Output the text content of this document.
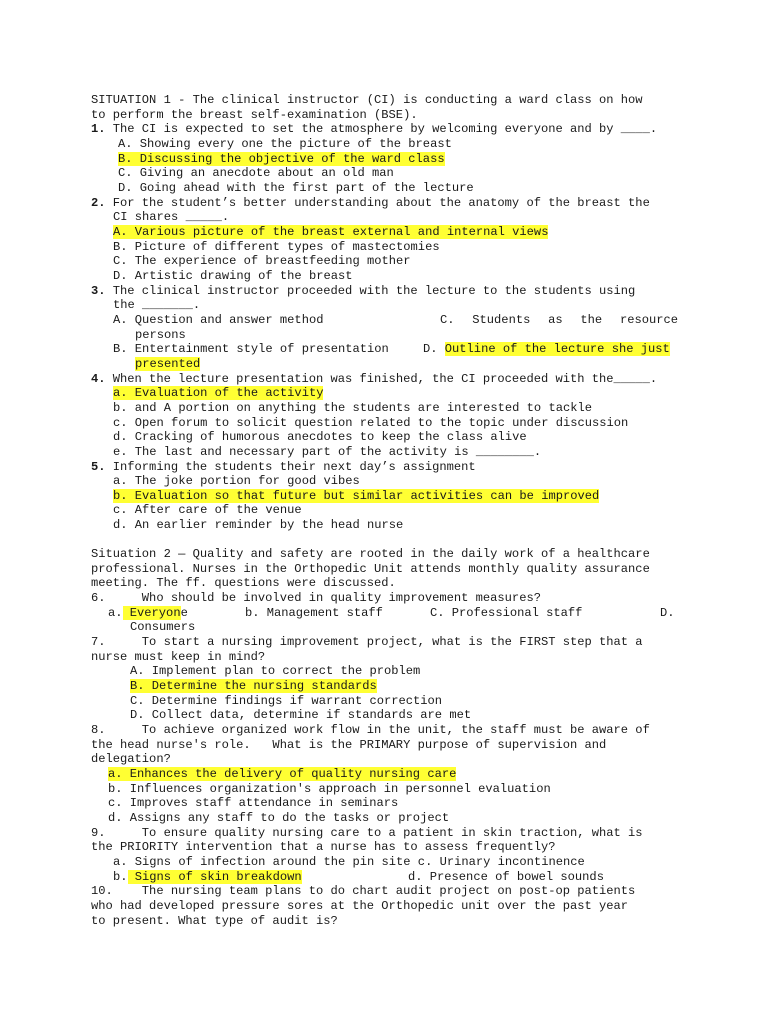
SITUATION 1 - The clinical instructor (CI) is conducting a ward class on how
to perform the breast self-examination (BSE).
1. The CI is expected to set the atmosphere by welcoming everyone and by ____.
A. Showing every one the picture of the breast
B. Discussing the objective of the ward class
C. Giving an anecdote about an old man
D. Going ahead with the first part of the lecture
2. For the student’s better understanding about the anatomy of the breast the
CI shares _____.
A. Various picture of the breast external and internal views
B. Picture of different types of mastectomies
C. The experience of breastfeeding mother
D. Artistic drawing of the breast
3. The clinical instructor proceeded with the lecture to the students using
the _______.
A. Question and answer method	C. Students as the resource
persons
B. Entertainment style of presentation	D. Outline of the lecture she just
presented
4. When the lecture presentation was finished, the CI proceeded with the_____.
a. Evaluation of the activity
b. and A portion on anything the students are interested to tackle
c. Open forum to solicit question related to the topic under discussion
d. Cracking of humorous anecdotes to keep the class alive
e. The last and necessary part of the activity is ________.
5. Informing the students their next day’s assignment
a. The joke portion for good vibes
b. Evaluation so that future but similar activities can be improved
c. After care of the venue
d. An earlier reminder by the head nurse
Situation 2 — Quality and safety are rooted in the daily work of a healthcare
professional. Nurses in the Orthopedic Unit attends monthly quality assurance
meeting. The ff. questions were discussed.
6.     Who should be involved in quality improvement measures?
a. Everyone	b. Management staff	C. Professional staff	D.
Consumers
7.     To start a nursing improvement project, what is the FIRST step that a
nurse must keep in mind?
A. Implement plan to correct the problem
B. Determine the nursing standards
C. Determine findings if warrant correction
D. Collect data, determine if standards are met
8.     To achieve organized work flow in the unit, the staff must be aware of
the head nurse's role.   What is the PRIMARY purpose of supervision and
delegation?
a. Enhances the delivery of quality nursing care
b. Influences organization's approach in personnel evaluation
c. Improves staff attendance in seminars
d. Assigns any staff to do the tasks or project
9.     To ensure quality nursing care to a patient in skin traction, what is
the PRIORITY intervention that a nurse has to assess frequently?
a. Signs of infection around the pin site c. Urinary incontinence
b. Signs of skin breakdown	d. Presence of bowel sounds
10.    The nursing team plans to do chart audit project on post-op patients
who had developed pressure sores at the Orthopedic unit over the past year
to present. What type of audit is?
